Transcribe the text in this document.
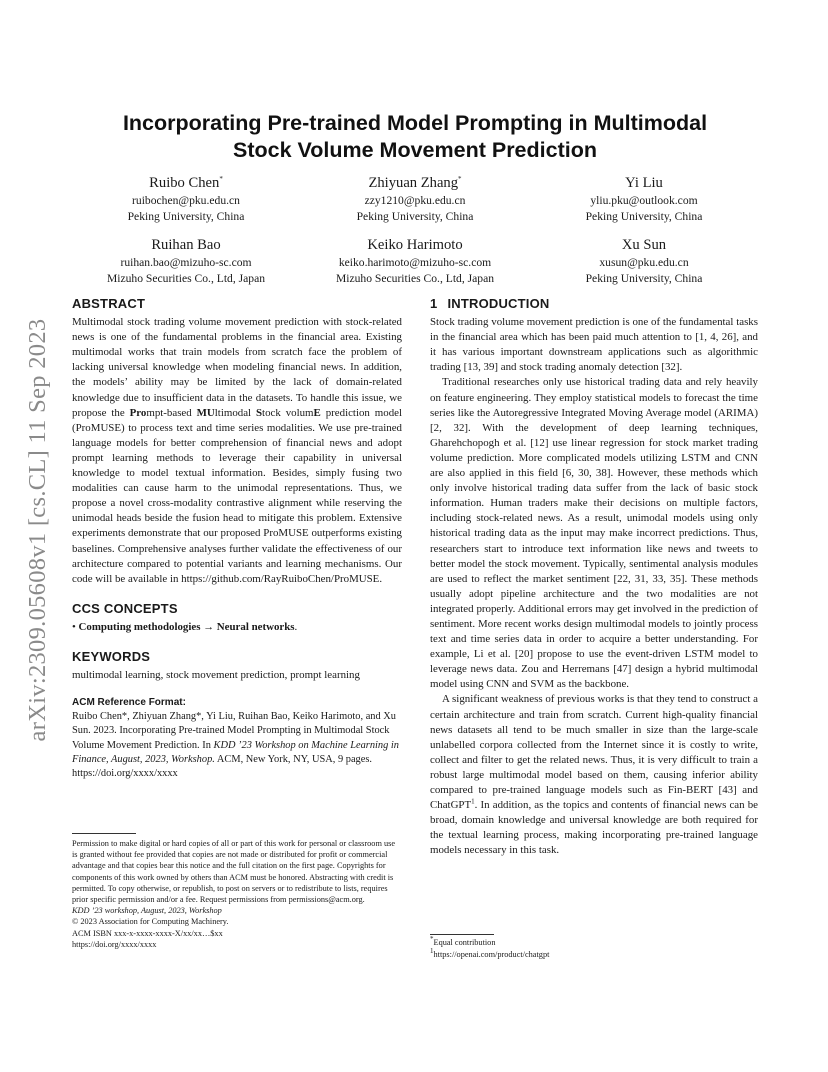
arXiv:2309.05608v1 [cs.CL] 11 Sep 2023
Incorporating Pre-trained Model Prompting in Multimodal
Stock Volume Movement Prediction
Ruibo Chen*
ruibochen@pku.edu.cn
Peking University, China
Zhiyuan Zhang*
zzy1210@pku.edu.cn
Peking University, China
Yi Liu
yliu.pku@outlook.com
Peking University, China
Ruihan Bao
ruihan.bao@mizuho-sc.com
Mizuho Securities Co., Ltd, Japan
Keiko Harimoto
keiko.harimoto@mizuho-sc.com
Mizuho Securities Co., Ltd, Japan
Xu Sun
xusun@pku.edu.cn
Peking University, China
ABSTRACT

Multimodal stock trading volume movement prediction with stock-related news is one of the fundamental problems in the financial area. Existing multimodal works that train models from scratch face the problem of lacking universal knowledge when modeling financial news. In addition, the models’ ability may be limited by the lack of domain-related knowledge due to insufficient data in the datasets. To handle this issue, we propose the Prompt-based MUltimodal Stock volumE prediction model (ProMUSE) to process text and time series modalities. We use pre-trained language models for better comprehension of financial news and adopt prompt learning methods to leverage their capability in universal knowledge to model textual information. Besides, simply fusing two modalities can cause harm to the unimodal representations. Thus, we propose a novel cross-modality contrastive alignment while reserving the unimodal heads beside the fusion head to mitigate this problem. Extensive experiments demonstrate that our proposed ProMUSE outperforms existing baselines. Comprehensive analyses further validate the effectiveness of our architecture compared to potential variants and learning mechanisms. Our code will be available in https://github.com/RayRuiboChen/ProMUSE.

CCS CONCEPTS

• Computing methodologies → Neural networks.

KEYWORDS

multimodal learning, stock movement prediction, prompt learning

ACM Reference Format:

Ruibo Chen*, Zhiyuan Zhang*, Yi Liu, Ruihan Bao, Keiko Harimoto, and Xu Sun. 2023. Incorporating Pre-trained Model Prompting in Multimodal Stock Volume Movement Prediction. In KDD ’23 Workshop on Machine Learning in Finance, August, 2023, Workshop. ACM, New York, NY, USA, 9 pages. https://doi.org/xxxx/xxxx

Permission to make digital or hard copies of all or part of this work for personal or classroom use is granted without fee provided that copies are not made or distributed for profit or commercial advantage and that copies bear this notice and the full citation on the first page. Copyrights for components of this work owned by others than ACM must be honored. Abstracting with credit is permitted. To copy otherwise, or republish, to post on servers or to redistribute to lists, requires prior specific permission and/or a fee. Request permissions from permissions@acm.org.
KDD ’23 workshop, August, 2023, Workshop
© 2023 Association for Computing Machinery.
ACM ISBN xxx-x-xxxx-xxxx-X/xx/xx…$xx
https://doi.org/xxxx/xxxx
1 INTRODUCTION

Stock trading volume movement prediction is one of the fundamental tasks in the financial area which has been paid much attention to [1, 4, 26], and it has various important downstream applications such as algorithmic trading [13, 39] and stock trading anomaly detection [32].

Traditional researches only use historical trading data and rely heavily on feature engineering. They employ statistical models to forecast the time series like the Autoregressive Integrated Moving Average model (ARIMA) [2, 32]. With the development of deep learning techniques, Gharehchopogh et al. [12] use linear regression for stock market trading volume prediction. More complicated models utilizing LSTM and CNN are also applied in this field [6, 30, 38]. However, these methods which only involve historical trading data suffer from the lack of basic stock information. Human traders make their decisions on multiple factors, including stock-related news. As a result, unimodal models using only historical trading data as the input may make incorrect predictions. Thus, researchers start to introduce text information like news and tweets to better model the stock movement. Typically, sentimental analysis modules are used to reflect the market sentiment [22, 31, 33, 35]. These methods usually adopt pipeline architecture and the two modalities are not integrated properly. Additional errors may get involved in the prediction of sentiment. More recent works design multimodal models to jointly process text and time series data in order to acquire a better understanding. For example, Li et al. [20] propose to use the event-driven LSTM model to leverage news data. Zou and Herremans [47] design a hybrid multimodal model using CNN and SVM as the backbone.

A significant weakness of previous works is that they tend to construct a certain architecture and train from scratch. Current high-quality financial news datasets all tend to be much smaller in size than the large-scale unlabelled corpora collected from the Internet since it is costly to write, collect and filter to get the related news. Thus, it is very difficult to train a robust large multimodal model based on them, causing inferior ability compared to pre-trained language models such as Fin-BERT [43] and ChatGPT$^1$. In addition, as the topics and contents of financial news can be broad, domain knowledge and universal knowledge are both required for the textual learning process, making incorporating pre-trained language models necessary in this task.

*Equal contribution
$^1$https://openai.com/product/chatgpt
